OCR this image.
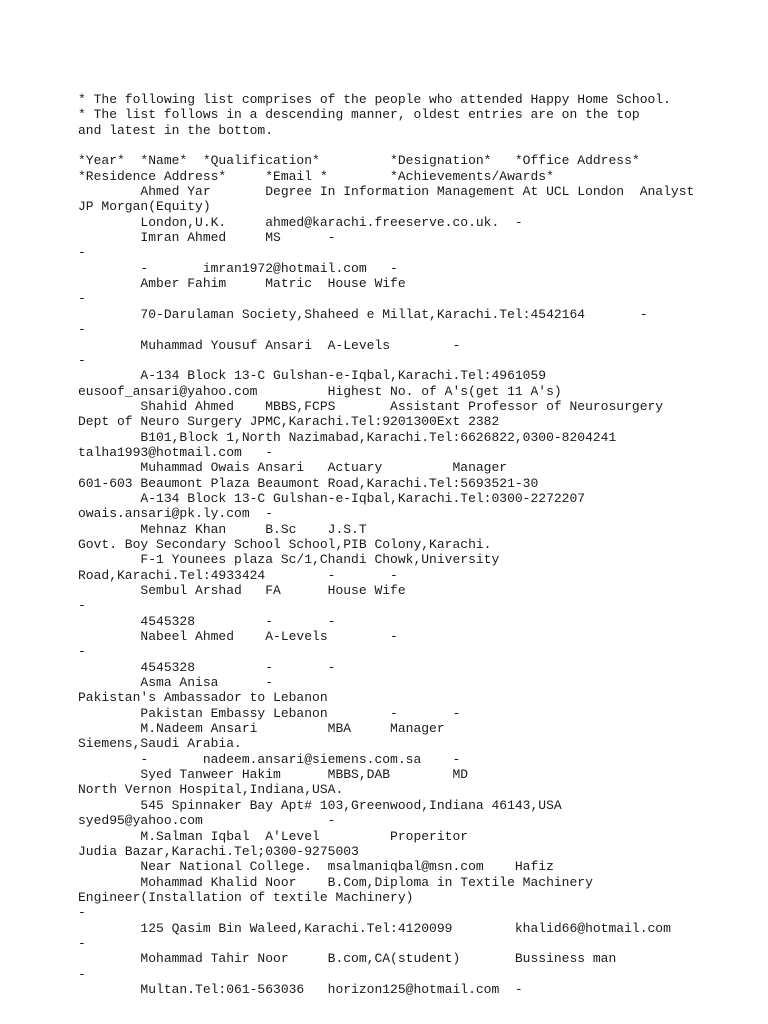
* The following list comprises of the people who attended Happy Home School.
* The list follows in a descending manner, oldest entries are on the top
and latest in the bottom.
*Year*  *Name*  *Qualification*         *Designation*   *Office Address*
*Residence Address*     *Email *        *Achievements/Awards*
Ahmed Yar       Degree In Information Management At UCL London  Analyst
JP Morgan(Equity)
London,U.K.     ahmed@karachi.freeserve.co.uk.  -
Imran Ahmed     MS      -
-
-       imran1972@hotmail.com   -
Amber Fahim     Matric  House Wife
-
70-Darulaman Society,Shaheed e Millat,Karachi.Tel:4542164       -
-
Muhammad Yousuf Ansari  A-Levels        -
-
A-134 Block 13-C Gulshan-e-Iqbal,Karachi.Tel:4961059
eusoof_ansari@yahoo.com         Highest No. of A's(get 11 A's)
Shahid Ahmed    MBBS,FCPS       Assistant Professor of Neurosurgery
Dept of Neuro Surgery JPMC,Karachi.Tel:9201300Ext 2382
B101,Block 1,North Nazimabad,Karachi.Tel:6626822,0300-8204241
talha1993@hotmail.com   -
Muhammad Owais Ansari   Actuary         Manager
601-603 Beaumont Plaza Beaumont Road,Karachi.Tel:5693521-30
A-134 Block 13-C Gulshan-e-Iqbal,Karachi.Tel:0300-2272207
owais.ansari@pk.ly.com  -
Mehnaz Khan     B.Sc    J.S.T
Govt. Boy Secondary School School,PIB Colony,Karachi.
F-1 Younees plaza Sc/1,Chandi Chowk,University
Road,Karachi.Tel:4933424        -       -
Sembul Arshad   FA      House Wife
-
4545328         -       -
Nabeel Ahmed    A-Levels        -
-
4545328         -       -
Asma Anisa      -
Pakistan's Ambassador to Lebanon
Pakistan Embassy Lebanon        -       -
M.Nadeem Ansari         MBA     Manager
Siemens,Saudi Arabia.
-       nadeem.ansari@siemens.com.sa    -
Syed Tanweer Hakim      MBBS,DAB        MD
North Vernon Hospital,Indiana,USA.
545 Spinnaker Bay Apt# 103,Greenwood,Indiana 46143,USA
syed95@yahoo.com                -
M.Salman Iqbal  A'Level         Properitor
Judia Bazar,Karachi.Tel;0300-9275003
Near National College.  msalmaniqbal@msn.com    Hafiz
Mohammad Khalid Noor    B.Com,Diploma in Textile Machinery
Engineer(Installation of textile Machinery)
-
125 Qasim Bin Waleed,Karachi.Tel:4120099        khalid66@hotmail.com
-
Mohammad Tahir Noor     B.com,CA(student)       Bussiness man
-
Multan.Tel:061-563036   horizon125@hotmail.com  -
